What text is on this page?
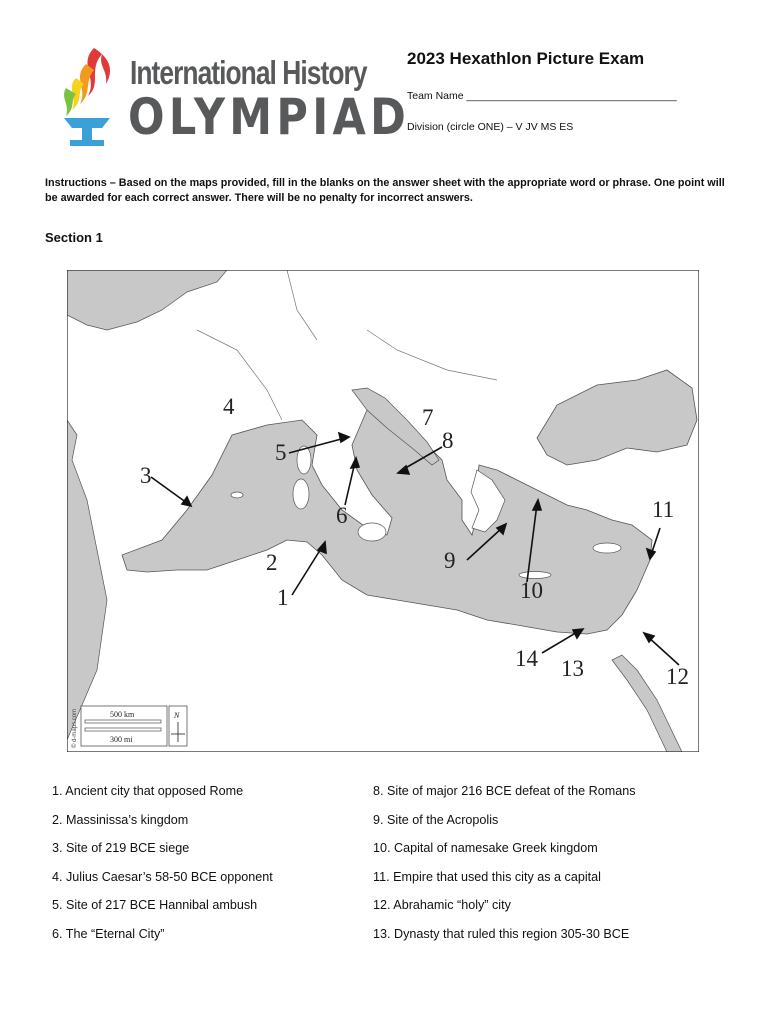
International History
OLYMPIAD
2023 Hexathlon Picture Exam
Team Name ____________________________________
Division (circle ONE) – V JV MS ES
Instructions – Based on the maps provided, fill in the blanks on the answer sheet with the appropriate word or phrase. One point will be awarded for each correct answer. There will be no penalty for incorrect answers.
Section 1
1
2
3
4
5
6
7
8
9
10
11
12
13
14
500 km
300 mi
N
© d-maps.com
1. Ancient city that opposed Rome
2. Massinissa’s kingdom
3. Site of 219 BCE siege
4. Julius Caesar’s 58-50 BCE opponent
5. Site of 217 BCE Hannibal ambush
6. The “Eternal City”
8. Site of major 216 BCE defeat of the Romans
9. Site of the Acropolis
10. Capital of namesake Greek kingdom
11. Empire that used this city as a capital
12. Abrahamic “holy” city
13. Dynasty that ruled this region 305-30 BCE
